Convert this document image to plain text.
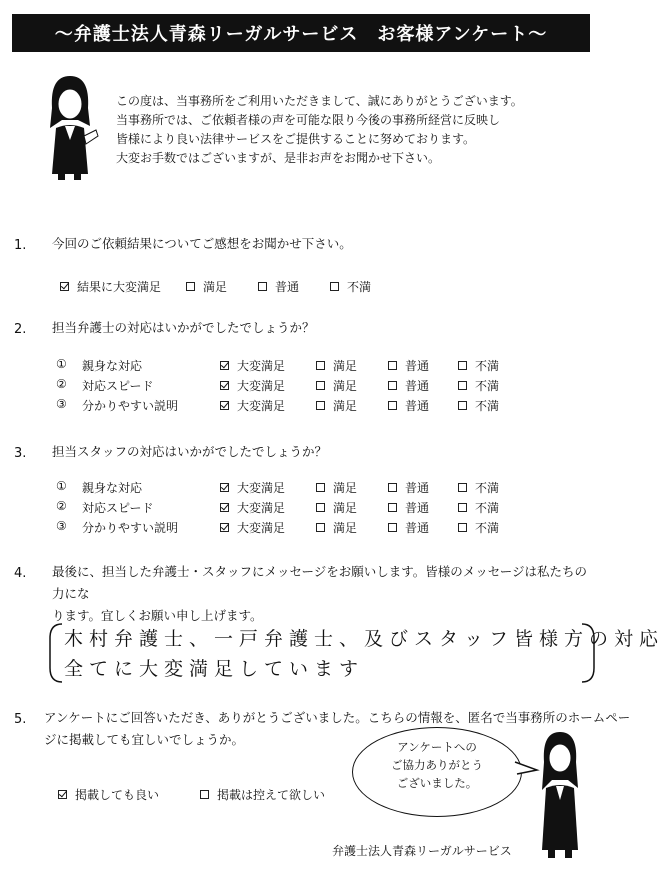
〜弁護士法人青森リーガルサービス　お客様アンケート〜
この度は、当事務所をご利用いただきまして、誠にありがとうございます。
当事務所では、ご依頼者様の声を可能な限り今後の事務所経営に反映し
皆様により良い法律サービスをご提供することに努めております。
大変お手数ではございますが、是非お声をお聞かせ下さい。
1. 今回のご依頼結果についてご感想をお聞かせ下さい。
結果に大変満足	満足	普通	不満
2. 担当弁護士の対応はいかがでしたでしょうか？
① 親身な対応	大変満足	満足	普通	不満
② 対応スピード	大変満足	満足	普通	不満
③ 分かりやすい説明	大変満足	満足	普通	不満
3. 担当スタッフの対応はいかがでしたでしょうか？
① 親身な対応	大変満足	満足	普通	不満
② 対応スピード	大変満足	満足	普通	不満
③ 分かりやすい説明	大変満足	満足	普通	不満
4. 最後に、担当した弁護士・スタッフにメッセージをお願いします。皆様のメッセージは私たちの力にな
ります。宜しくお願い申し上げます。
木村弁護士、一戸弁護士、及びスタッフ皆様方の対応
全てに大変満足しています
5. アンケートにご回答いただき、ありがとうございました。こちらの情報を、匿名で当事務所のホームペー
ジに掲載しても宜しいでしょうか。
掲載しても良い	掲載は控えて欲しい
アンケートへの
ご協力ありがとう
ございました。
弁護士法人青森リーガルサービス
